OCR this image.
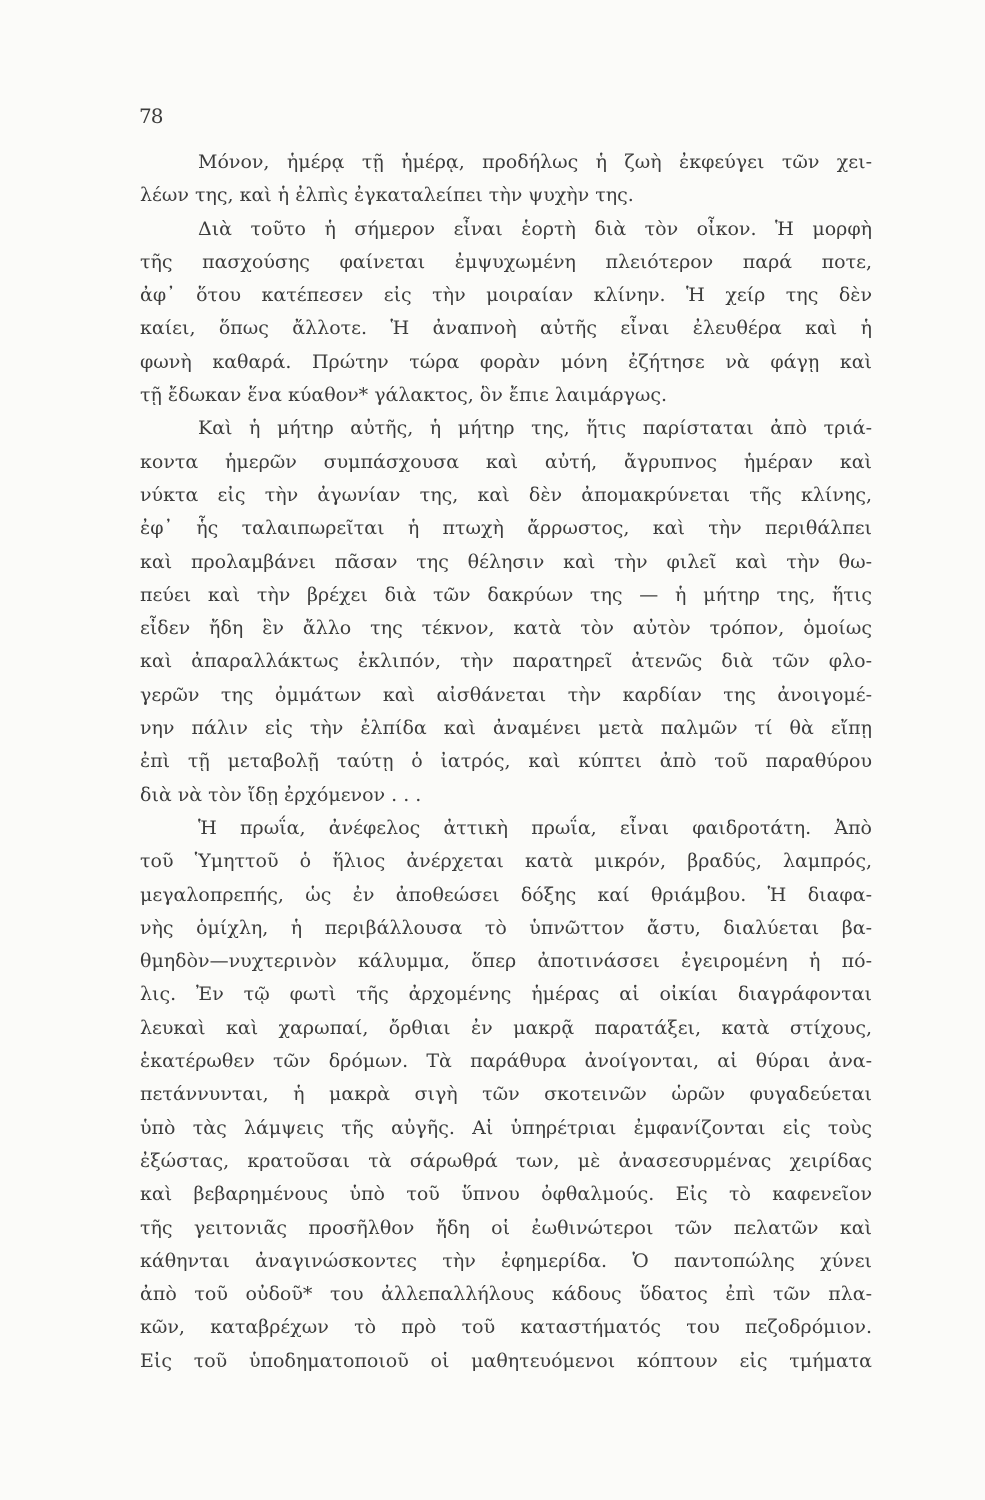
78
Μόνον, ἡμέρᾳ τῇ ἡμέρᾳ, προδήλως ἡ ζωὴ ἐκφεύγει τῶν χει-
λέων της, καὶ ἡ ἐλπὶς ἐγκαταλείπει τὴν ψυχὴν της.
Διὰ τοῦτο ἡ σήμερον εἶναι ἑορτὴ διὰ τὸν οἶκον. Ἡ μορφὴ
τῆς πασχούσης φαίνεται ἐμψυχωμένη πλειότερον παρά ποτε,
ἀφ᾽ ὅτου κατέπεσεν εἰς τὴν μοιραίαν κλίνην. Ἡ χείρ της δὲν
καίει, ὅπως ἄλλοτε. Ἡ ἀναπνοὴ αὐτῆς εἶναι ἐλευθέρα καὶ ἡ
φωνὴ καθαρά. Πρώτην τώρα φορὰν μόνη ἐζήτησε νὰ φάγῃ καὶ
τῇ ἔδωκαν ἕνα κύαθον* γάλακτος, ὃν ἔπιε λαιμάργως.
Καὶ ἡ μήτηρ αὐτῆς, ἡ μήτηρ της, ἥτις παρίσταται ἀπὸ τριά-
κοντα ἡμερῶν συμπάσχουσα καὶ αὐτή, ἄγρυπνος ἡμέραν καὶ
νύκτα εἰς τὴν ἀγωνίαν της, καὶ δὲν ἀπομακρύνεται τῆς κλίνης,
ἐφ᾽ ἧς ταλαιπωρεῖται ἡ πτωχὴ ἄρρωστος, καὶ τὴν περιθάλπει
καὶ προλαμβάνει πᾶσαν της θέλησιν καὶ τὴν φιλεῖ καὶ τὴν θω-
πεύει καὶ τὴν βρέχει διὰ τῶν δακρύων της — ἡ μήτηρ της, ἥτις
εἶδεν ἤδη ἓν ἄλλο της τέκνον, κατὰ τὸν αὐτὸν τρόπον, ὁμοίως
καὶ ἀπαραλλάκτως ἐκλιπόν, τὴν παρατηρεῖ ἀτενῶς διὰ τῶν φλο-
γερῶν της ὀμμάτων καὶ αἰσθάνεται τὴν καρδίαν της ἀνοιγομέ-
νην πάλιν εἰς τὴν ἐλπίδα καὶ ἀναμένει μετὰ παλμῶν τί θὰ εἴπῃ
ἐπὶ τῇ μεταβολῇ ταύτῃ ὁ ἰατρός, καὶ κύπτει ἀπὸ τοῦ παραθύρου
διὰ νὰ τὸν ἴδῃ ἐρχόμενον . . .
Ἡ πρωΐα, ἀνέφελος ἀττικὴ πρωΐα, εἶναι φαιδροτάτη. Ἀπὸ
τοῦ Ὑμηττοῦ ὁ ἥλιος ἀνέρχεται κατὰ μικρόν, βραδύς, λαμπρός,
μεγαλοπρεπής, ὡς ἐν ἀποθεώσει δόξης καί θριάμβου. Ἡ διαφα-
νὴς ὁμίχλη, ἡ περιβάλλουσα τὸ ὑπνῶττον ἄστυ, διαλύεται βα-
θμηδὸν—νυχτερινὸν κάλυμμα, ὅπερ ἀποτινάσσει ἐγειρομένη ἡ πό-
λις. Ἐν τῷ φωτὶ τῆς ἀρχομένης ἡμέρας αἱ οἰκίαι διαγράφονται
λευκαὶ καὶ χαρωπαί, ὄρθιαι ἐν μακρᾷ παρατάξει, κατὰ στίχους,
ἑκατέρωθεν τῶν δρόμων. Τὰ παράθυρα ἀνοίγονται, αἱ θύραι ἀνα-
πετάννυνται, ἡ μακρὰ σιγὴ τῶν σκοτεινῶν ὡρῶν φυγαδεύεται
ὑπὸ τὰς λάμψεις τῆς αὐγῆς. Αἱ ὑπηρέτριαι ἐμφανίζονται εἰς τοὺς
ἐξώστας, κρατοῦσαι τὰ σάρωθρά των, μὲ ἀνασεσυρμένας χειρίδας
καὶ βεβαρημένους ὑπὸ τοῦ ὕπνου ὀφθαλμούς. Εἰς τὸ καφενεῖον
τῆς γειτονιᾶς προσῆλθον ἤδη οἱ ἐωθινώτεροι τῶν πελατῶν καὶ
κάθηνται ἀναγινώσκοντες τὴν ἐφημερίδα. Ὁ παντοπώλης χύνει
ἀπὸ τοῦ οὐδοῦ* του ἀλλεπαλλήλους κάδους ὕδατος ἐπὶ τῶν πλα-
κῶν, καταβρέχων τὸ πρὸ τοῦ καταστήματός του πεζοδρόμιον.
Εἰς τοῦ ὑποδηματοποιοῦ οἱ μαθητευόμενοι κόπτουν εἰς τμήματα
